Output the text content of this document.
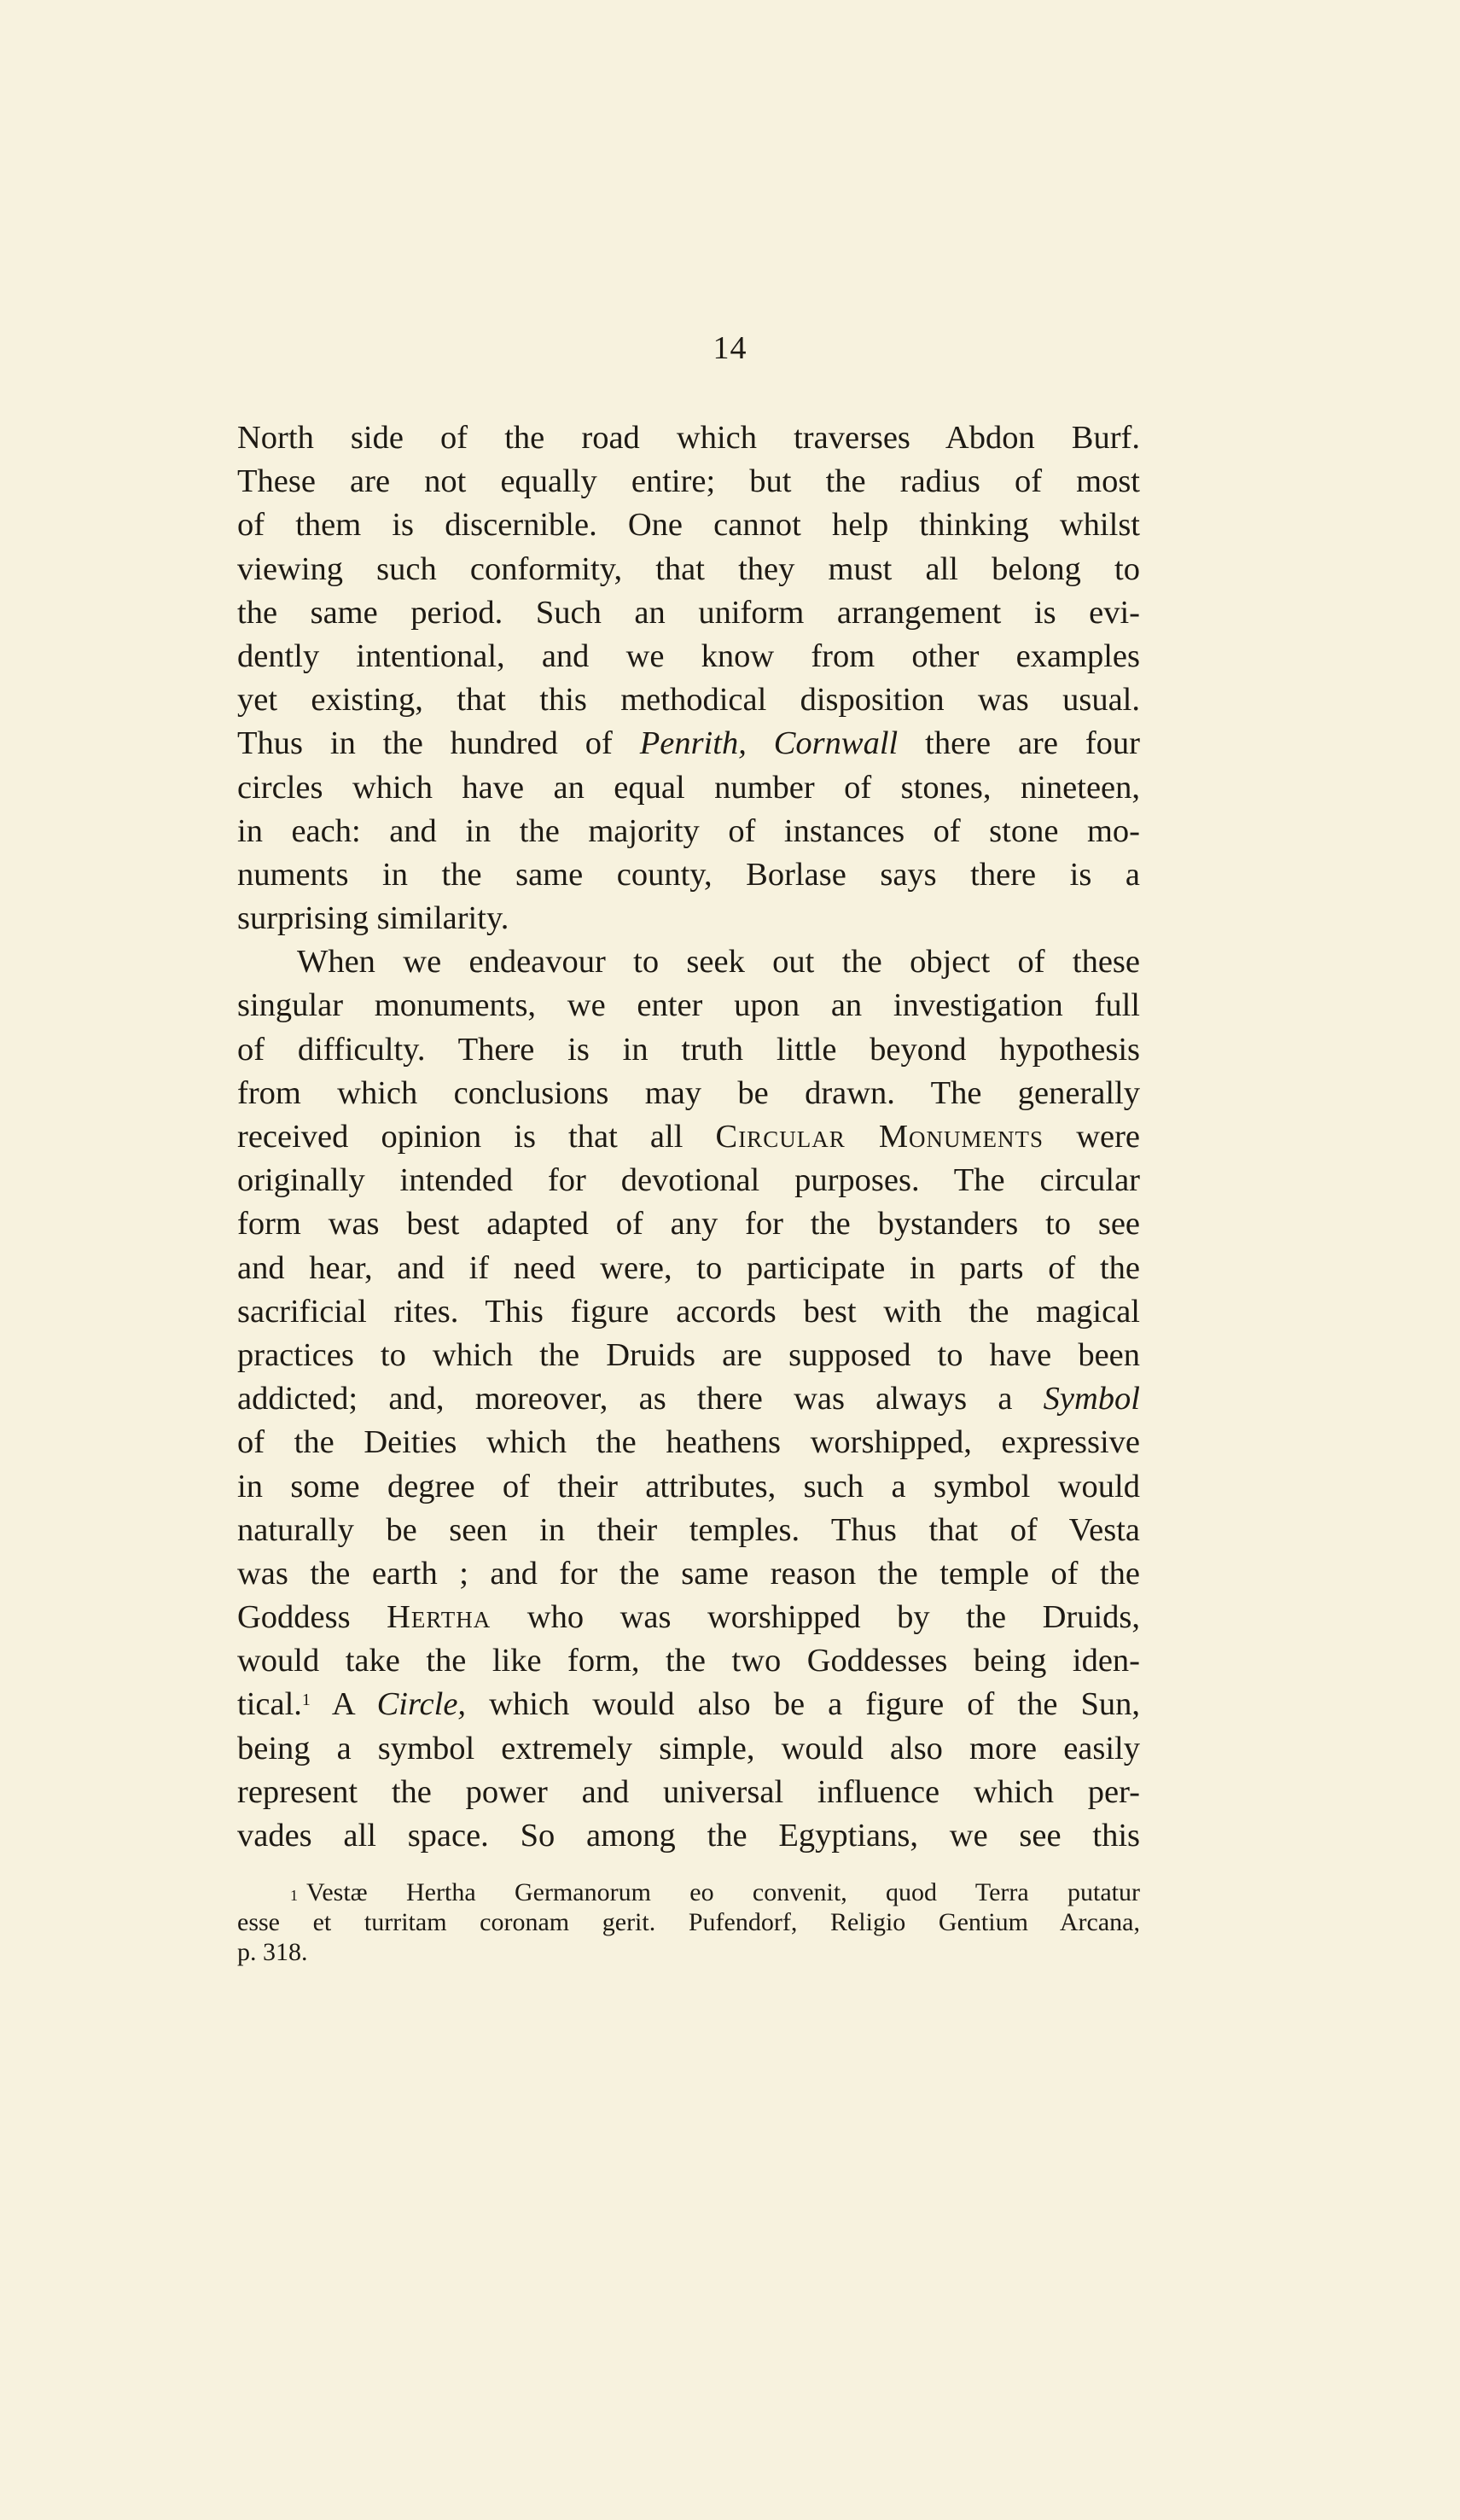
14
North side of the road which traverses Abdon Burf.
These are not equally entire; but the radius of most
of them is discernible. One cannot help thinking whilst
viewing such conformity, that they must all belong to
the same period. Such an uniform arrangement is evi-
dently intentional, and we know from other examples
yet existing, that this methodical disposition was usual.
Thus in the hundred of Penrith, Cornwall there are four
circles which have an equal number of stones, nineteen,
in each: and in the majority of instances of stone mo-
numents in the same county, Borlase says there is a
surprising similarity.
When we endeavour to seek out the object of these
singular monuments, we enter upon an investigation full
of difficulty. There is in truth little beyond hypothesis
from which conclusions may be drawn. The generally
received opinion is that all Circular Monuments were
originally intended for devotional purposes. The circular
form was best adapted of any for the bystanders to see
and hear, and if need were, to participate in parts of the
sacrificial rites. This figure accords best with the magical
practices to which the Druids are supposed to have been
addicted; and, moreover, as there was always a Symbol
of the Deities which the heathens worshipped, expressive
in some degree of their attributes, such a symbol would
naturally be seen in their temples. Thus that of Vesta
was the earth ; and for the same reason the temple of the
Goddess Hertha who was worshipped by the Druids,
would take the like form, the two Goddesses being iden-
tical.$^1$ A Circle, which would also be a figure of the Sun,
being a symbol extremely simple, would also more easily
represent the power and universal influence which per-
vades all space. So among the Egyptians, we see this
$^1$ Vestæ Hertha Germanorum eo convenit, quod Terra putatur
esse et turritam coronam gerit. Pufendorf, Religio Gentium Arcana,
p. 318.
